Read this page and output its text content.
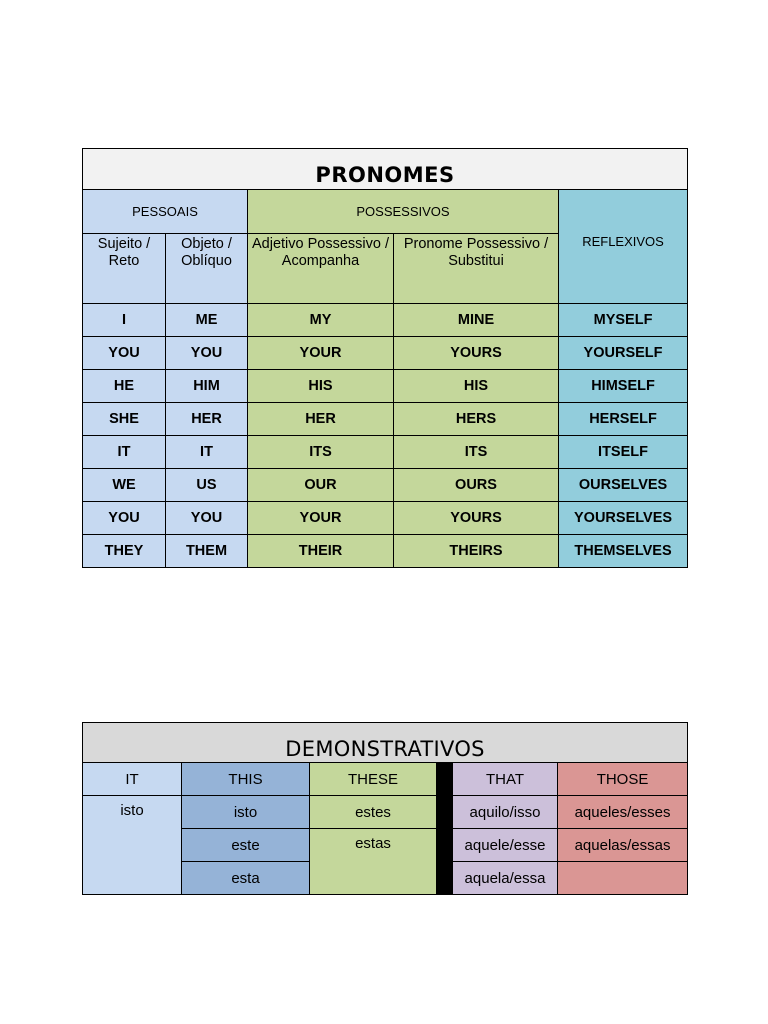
PRONOMES				
PESSOAIS		POSSESSIVOS		REFLEXIVOS
Sujeito / Reto	Objeto / Oblíquo	Adjetivo Possessivo / Acompanha	Pronome Possessivo / Substitui	
I	ME	MY	MINE	MYSELF
YOU	YOU	YOUR	YOURS	YOURSELF
HE	HIM	HIS	HIS	HIMSELF
SHE	HER	HER	HERS	HERSELF
IT	IT	ITS	ITS	ITSELF
WE	US	OUR	OURS	OURSELVES
YOU	YOU	YOUR	YOURS	YOURSELVES
THEY	THEM	THEIR	THEIRS	THEMSELVES
DEMONSTRATIVOS					
IT	THIS	THESE		THAT	THOSE
isto	isto	estes		aquilo/isso	aqueles/esses
	este	estas		aquele/esse	aquelas/essas
	esta			aquela/essa	
